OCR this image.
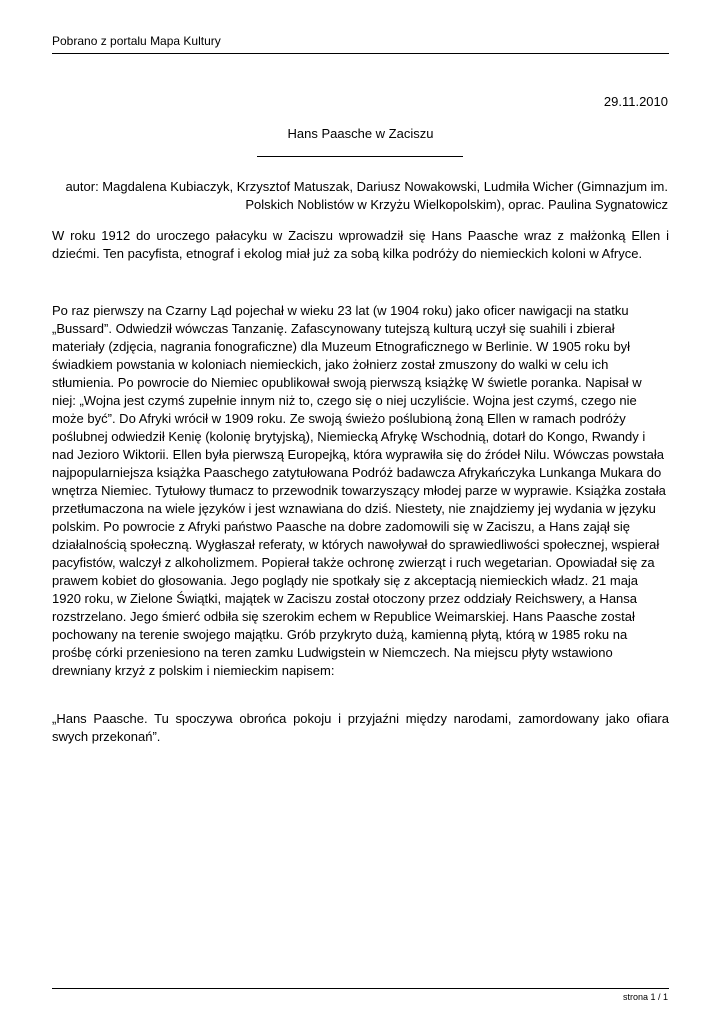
Pobrano z portalu Mapa Kultury
29.11.2010
Hans Paasche w Zaciszu
autor: Magdalena Kubiaczyk, Krzysztof Matuszak, Dariusz Nowakowski, Ludmiła Wicher (Gimnazjum im. Polskich Noblistów w Krzyżu Wielkopolskim), oprac. Paulina Sygnatowicz

W roku 1912 do uroczego pałacyku w Zaciszu wprowadził się Hans Paasche wraz z małżonką Ellen i dziećmi. Ten pacyfista, etnograf i ekolog miał już za sobą kilka podróży do niemieckich koloni w Afryce.

Po raz pierwszy na Czarny Ląd pojechał w wieku 23 lat (w 1904 roku) jako oficer nawigacji na statku „Bussard”. Odwiedził wówczas Tanzanię. Zafascynowany tutejszą kulturą uczył się suahili i zbierał materiały (zdjęcia, nagrania fonograficzne) dla Muzeum Etnograficznego w Berlinie. W 1905 roku był świadkiem powstania w koloniach niemieckich, jako żołnierz został zmuszony do walki w celu ich stłumienia. Po powrocie do Niemiec opublikował swoją pierwszą książkę W świetle poranka. Napisał w niej: „Wojna jest czymś zupełnie innym niż to, czego się o niej uczyliście. Wojna jest czymś, czego nie może być”. Do Afryki wrócił w 1909 roku. Ze swoją świeżo poślubioną żoną Ellen w ramach podróży poślubnej odwiedził Kenię (kolonię brytyjską), Niemiecką Afrykę Wschodnią, dotarł do Kongo, Rwandy i nad Jezioro Wiktorii. Ellen była pierwszą Europejką, która wyprawiła się do źródeł Nilu. Wówczas powstała najpopularniejsza książka Paaschego zatytułowana Podróż badawcza Afrykańczyka Lunkanga Mukara do wnętrza Niemiec. Tytułowy tłumacz to przewodnik towarzyszący młodej parze w wyprawie. Książka została przetłumaczona na wiele języków i jest wznawiana do dziś. Niestety, nie znajdziemy jej wydania w języku polskim. Po powrocie z Afryki państwo Paasche na dobre zadomowili się w Zaciszu, a Hans zajął się działalnością społeczną. Wygłaszał referaty, w których nawoływał do sprawiedliwości społecznej, wspierał pacyfistów, walczył z alkoholizmem. Popierał także ochronę zwierząt i ruch wegetarian. Opowiadał się za prawem kobiet do głosowania. Jego poglądy nie spotkały się z akceptacją niemieckich władz. 21 maja 1920 roku, w Zielone Świątki, majątek w Zaciszu został otoczony przez oddziały Reichswery, a Hansa rozstrzelano. Jego śmierć odbiła się szerokim echem w Republice Weimarskiej. Hans Paasche został pochowany na terenie swojego majątku. Grób przykryto dużą, kamienną płytą, którą w 1985 roku na prośbę córki przeniesiono na teren zamku Ludwigstein w Niemczech. Na miejscu płyty wstawiono drewniany krzyż z polskim i niemieckim napisem:

„Hans Paasche. Tu spoczywa obrońca pokoju i przyjaźni między narodami, zamordowany jako ofiara swych przekonań”.

strona 1 / 1
